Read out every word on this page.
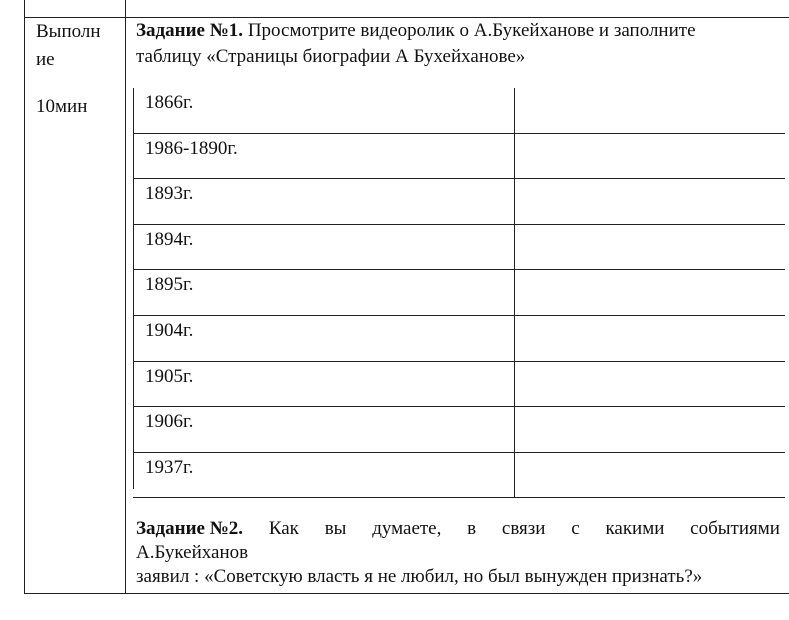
Выполн
ие
10мин
Задание №1. Просмотрите видеоролик о А.Букейханове и заполните
таблицу «Страницы биографии А Бухейханове»
1866г.
1986-1890г.
1893г.
1894г.
1895г.
1904г.
1905г.
1906г.
1937г.
Задание №2. Как вы думаете, в связи с какими событиями
А.Букейханов
заявил : «Советскую власть я не любил, но был вынужден признать?»
